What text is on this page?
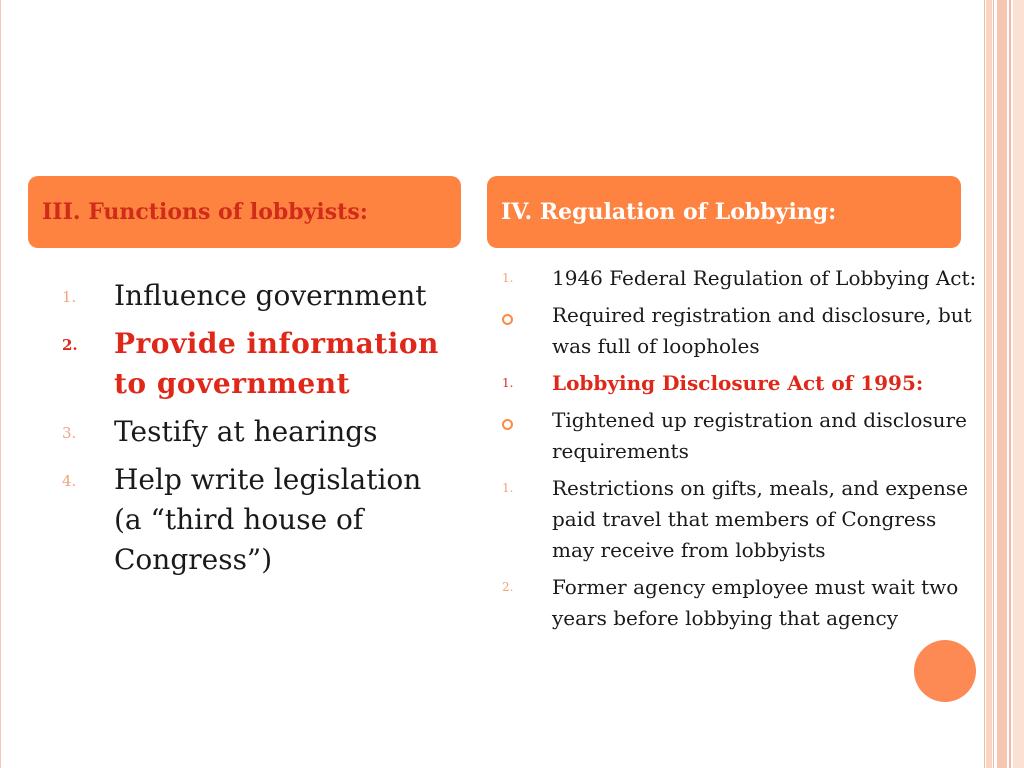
III. Functions of lobbyists:	IV. Regulation of Lobbying:
1.	Influence government
2.	Provide information to government
3.	Testify at hearings
4.	Help write legislation (a “third house of Congress”)
1.	1946 Federal Regulation of Lobbying Act:
Required registration and disclosure, but was full of loopholes
1.	Lobbying Disclosure Act of 1995:
Tightened up registration and disclosure requirements
1.	Restrictions on gifts, meals, and expense paid travel that members of Congress may receive from lobbyists
2.	Former agency employee must wait two years before lobbying that agency
